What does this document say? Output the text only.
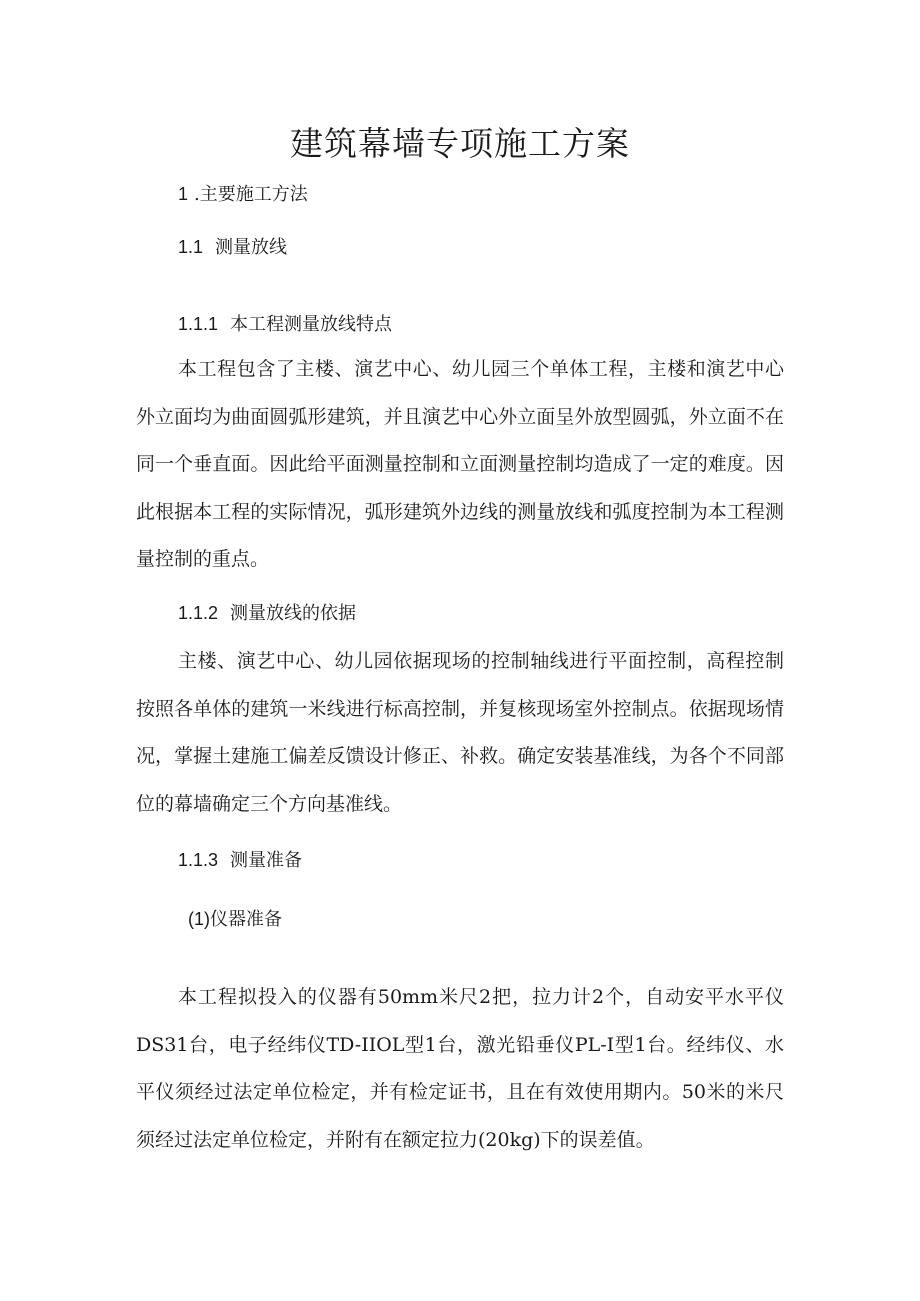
建筑幕墙专项施工方案
1 .主要施工方法
1.1 测量放线
1.1.1 本工程测量放线特点
本工程包含了主楼、演艺中心、幼儿园三个单体工程，主楼和演艺中心外立面均为曲面圆弧形建筑，并且演艺中心外立面呈外放型圆弧，外立面不在同一个垂直面。因此给平面测量控制和立面测量控制均造成了一定的难度。因此根据本工程的实际情况，弧形建筑外边线的测量放线和弧度控制为本工程测量控制的重点。
1.1.2 测量放线的依据
主楼、演艺中心、幼儿园依据现场的控制轴线进行平面控制，高程控制按照各单体的建筑一米线进行标高控制，并复核现场室外控制点。依据现场情况，掌握土建施工偏差反馈设计修正、补救。确定安装基准线，为各个不同部位的幕墙确定三个方向基准线。
1.1.3 测量准备
(1)仪器准备
本工程拟投入的仪器有50mm米尺2把，拉力计2个，自动安平水平仪DS31台，电子经纬仪TD-IIOL型1台，激光铅垂仪PL-I型1台。经纬仪、水平仪须经过法定单位检定，并有检定证书，且在有效使用期内。50米的米尺须经过法定单位检定，并附有在额定拉力(20kg)下的误差值。
